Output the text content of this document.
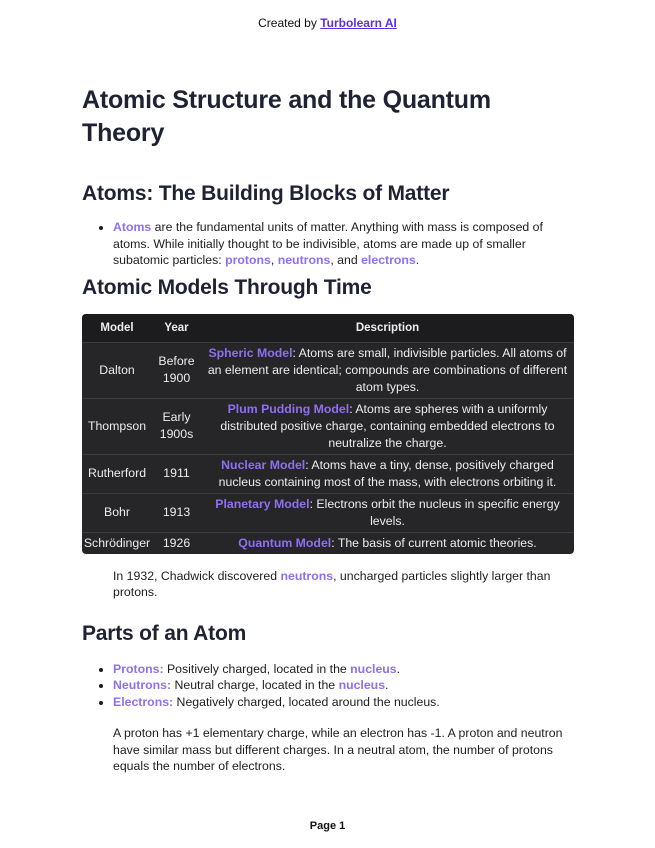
Created by Turbolearn AI
Atomic Structure and the Quantum Theory
Atoms: The Building Blocks of Matter
• Atoms are the fundamental units of matter. Anything with mass is composed of atoms. While initially thought to be indivisible, atoms are made up of smaller subatomic particles: protons, neutrons, and electrons.
Atomic Models Through Time
Model	Year	Description
Dalton	Before 1900	Spheric Model: Atoms are small, indivisible particles. All atoms of an element are identical; compounds are combinations of different atom types.
Thompson	Early 1900s	Plum Pudding Model: Atoms are spheres with a uniformly distributed positive charge, containing embedded electrons to neutralize the charge.
Rutherford	1911	Nuclear Model: Atoms have a tiny, dense, positively charged nucleus containing most of the mass, with electrons orbiting it.
Bohr	1913	Planetary Model: Electrons orbit the nucleus in specific energy levels.
Schrödinger	1926	Quantum Model: The basis of current atomic theories.

In 1932, Chadwick discovered neutrons, uncharged particles slightly larger than protons.

Parts of an Atom
• Protons: Positively charged, located in the nucleus.
• Neutrons: Neutral charge, located in the nucleus.
• Electrons: Negatively charged, located around the nucleus.

A proton has +1 elementary charge, while an electron has -1. A proton and neutron have similar mass but different charges. In a neutral atom, the number of protons equals the number of electrons.

Page 1
